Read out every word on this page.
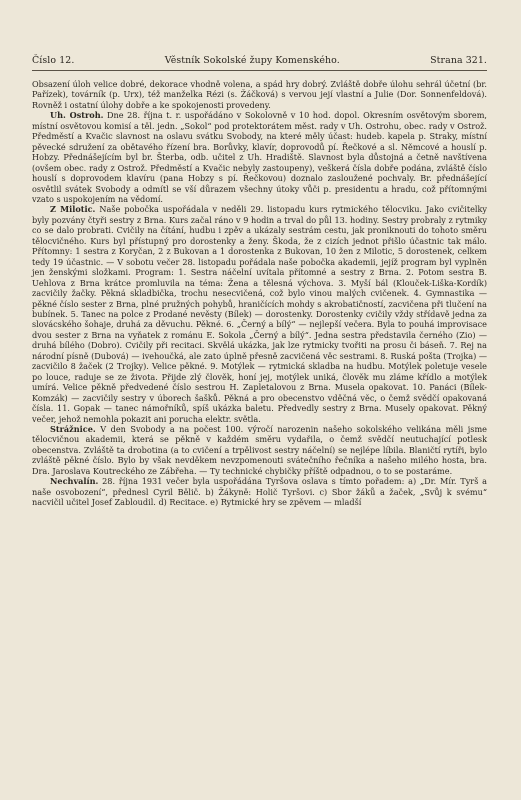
Číslo 12.	Věstník Sokolské župy Komenského.	Strana 321.

Obsazení úloh velice dobré, dekorace vhodně volena, a spád hry dobrý. Zvláště dobře úlohu sehrál účetní (br. Pařízek), továrník (p. Urx), též manželka Rézi (s. Žáčková) s vervou její vlastní a Julie (Dor. Sonnenfeldová). Rovněž i ostatní úlohy dobře a ke spokojenosti provedeny.

Uh. Ostroh. Dne 28. října t. r. uspořádáno v Sokolovně v 10 hod. dopol. Okresním osvětovým sborem, místní osvětovou komisí a těl. jedn. „Sokol“ pod protektorátem měst. rady v Uh. Ostrohu, obec. rady v Ostrož. Předměstí a Kvačic slavnost na oslavu svátku Svobody, na které měly účast: hudeb. kapela p. Straky, místní pěvecké sdružení za obětavého řízení bra. Borůvky, klavír, doprovodů pí. Řečkové a sl. Němcové a houslí p. Hobzy. Přednášejícím byl br. Šterba, odb. učitel z Uh. Hradiště. Slavnost byla důstojná a četně navštívena (ovšem obec. rady z Ostrož. Předměstí a Kvačic nebyly zastoupeny), veškerá čísla dobře podána, zvláště číslo houslí s doprovodem klavíru (pana Hobzy s pí. Řečkovou) doznalo zasloužené pochvaly. Br. přednášející osvětlil svátek Svobody a odmítl se vší důrazem všechny útoky vůči p. presidentu a hradu, což přítomnými vzato s uspokojením na vědomí.

Z Milotic. Naše pobočka uspořádala v neděli 29. listopadu kurs rytmického tělocviku. Jako cvičitelky byly pozvány čtyři sestry z Brna. Kurs začal ráno v 9 hodin a trval do půl 13. hodiny. Sestry probraly z rytmiky co se dalo probrati. Cvičily na čítání, hudbu i zpěv a ukázaly sestrám cestu, jak proniknouti do tohoto směru tělocvičného. Kurs byl přístupný pro dorostenky a ženy. Škoda, že z cizích jednot přišlo účastnic tak málo. Přítomny: 1 sestra z Koryčan, 2 z Bukovan a 1 dorostenka z Bukovan, 10 žen z Milotic, 5 dorostenek, celkem tedy 19 účastnic. — V sobotu večer 28. listopadu pořádala naše pobočka akademii, jejíž program byl vyplněn jen ženskými složkami. Program: 1. Sestra náčelní uvítala přítomné a sestry z Brna. 2. Potom sestra B. Uehlova z Brna krátce promluvila na téma: Žena a tělesná výchova. 3. Myší bál (Klouček-Liška-Kordík) zacvičily žačky. Pěkná skladbička, trochu nesecvičená, což bylo vinou malých cvičenek. 4. Gymnastika — pěkné číslo sester z Brna, plné pružných pohybů, hraničících mohdy s akrobatičností, zacvičena při tlučení na bubínek. 5. Tanec na polce z Prodané nevěsty (Bílek) — dorostenky. Dorostenky cvičily vždy střídavě jedna za slovácského šohaje, druhá za děvuchu. Pěkné. 6. „Černý a bílý“ — nejlepší večera. Byla to pouhá improvisace dvou sester z Brna na vyňatek z románu E. Sokola „Černý a bílý“. Jedna sestra představila černého (Zio) — druhá bílého (Dobro). Cvičily při recitaci. Skvělá ukázka, jak lze rytmicky tvořiti na prosu či báseň. 7. Rej na národní písně (Dubová) — ivehoučká, ale zato úplně přesně zacvičená věc sestrami. 8. Ruská pošta (Trojka) — zacvičilo 8 žaček (2 Trojky). Velice pěkné. 9. Motýlek — rytmická skladba na hudbu. Motýlek poletuje vesele po louce, raduje se ze života. Přijde zlý člověk, honí jej, motýlek uniká, člověk mu zláme křídlo a motýlek umírá. Velice pěkně předvedené číslo sestrou H. Zapletalovou z Brna. Musela opakovat. 10. Panáci (Bílek-Komzák) — zacvičily sestry v úborech šašků. Pěkná a pro obecenstvo vděčná věc, o čemž svědčí opakovaná čísla. 11. Gopak — tanec námořníků, spíš ukázka baletu. Předvedly sestry z Brna. Musely opakovat. Pěkný večer, jehož nemohla pokazit ani porucha elektr. světla.

Strážnice. V den Svobody a na počest 100. výročí narozenin našeho sokolského velikána měli jsme tělocvičnou akademii, která se pěkně v každém směru vydařila, o čemž svědčí neutuchající potlesk obecenstva. Zvláště ta drobotina (a to cvičení a trpělivost sestry náčelní) se nejlépe líbila. Blaničtí rytíři, bylo zvláště pěkné číslo. Bylo by však nevděkem nevzpomenouti svátečního řečníka a našeho milého hosta, bra. Dra. Jaroslava Koutreckého ze Zábřeha. — Ty technické chybičky příště odpadnou, o to se postaráme.

Nechvalín. 28. října 1931 večer byla uspořádána Tyršova oslava s tímto pořadem: a) „Dr. Mír. Tyrš a naše osvobození“, přednesl Cyril Bělič. b) Žákyně: Holič Tyršovi. c) Sbor žáků a žaček, „Svůj k svému“ nacvičil učitel Josef Zabloudil. d) Recitace. e) Rytmické hry se zpěvem — mladší
